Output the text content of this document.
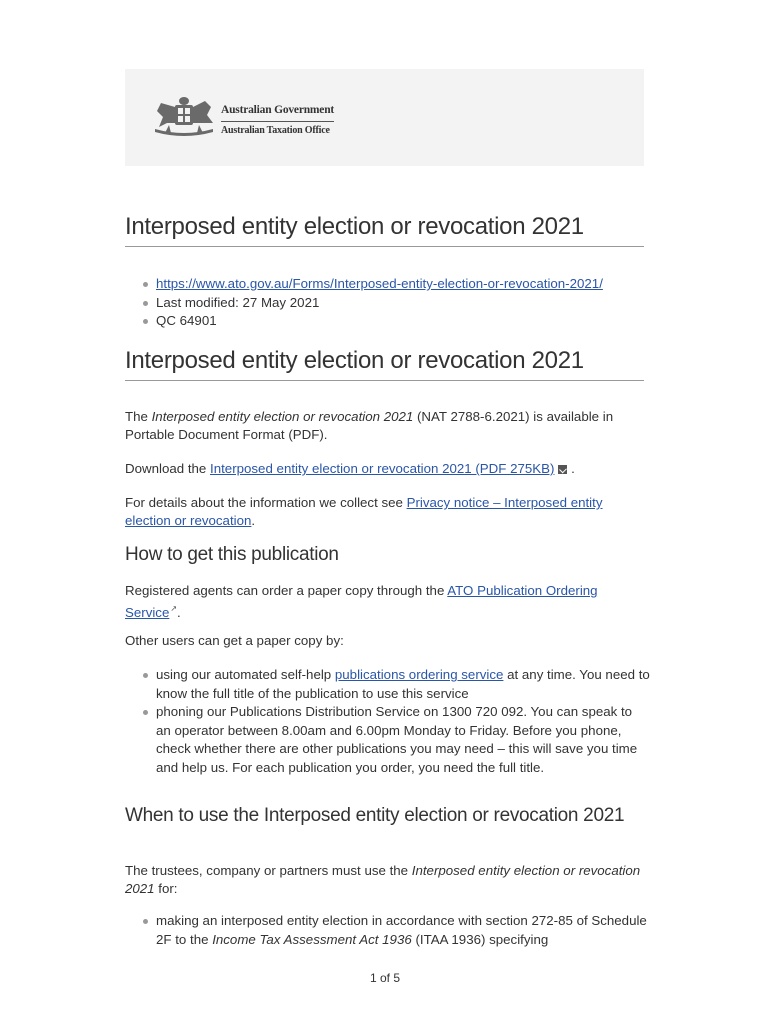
Australian Government
Australian Taxation Office
Interposed entity election or revocation 2021
https://www.ato.gov.au/Forms/Interposed-entity-election-or-revocation-2021/
Last modified: 27 May 2021
QC 64901
Interposed entity election or revocation 2021

The Interposed entity election or revocation 2021 (NAT 2788-6.2021) is available in Portable Document Format (PDF).

Download the Interposed entity election or revocation 2021 (PDF 275KB) .

For details about the information we collect see Privacy notice – Interposed entity election or revocation.

How to get this publication

Registered agents can order a paper copy through the ATO Publication Ordering Service↗.

Other users can get a paper copy by:

using our automated self-help publications ordering service at any time. You need to know the full title of the publication to use this service
phoning our Publications Distribution Service on 1300 720 092. You can speak to an operator between 8.00am and 6.00pm Monday to Friday. Before you phone, check whether there are other publications you may need – this will save you time and help us. For each publication you order, you need the full title.
When to use the Interposed entity election or revocation 2021

The trustees, company or partners must use the Interposed entity election or revocation 2021 for:

making an interposed entity election in accordance with section 272-85 of Schedule 2F to the Income Tax Assessment Act 1936 (ITAA 1936) specifying
1 of 5
